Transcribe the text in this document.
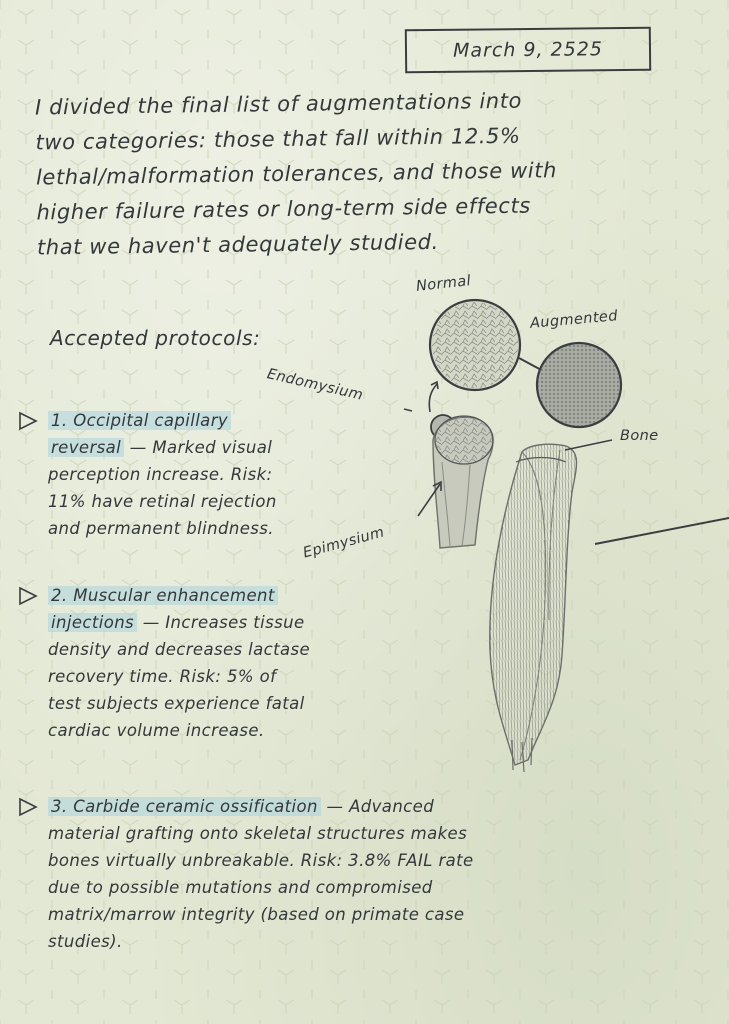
March 9, 2525
I divided the final list of augmentations into
two categories: those that fall within 12.5%
lethal/malformation tolerances, and those with
higher failure rates or long-term side effects
that we haven't adequately studied.
Accepted protocols:
1. Occipital capillary
reversal — Marked visual
perception increase. Risk:
11% have retinal rejection
and permanent blindness.
2. Muscular enhancement
injections — Increases tissue
density and decreases lactase
recovery time. Risk: 5% of
test subjects experience fatal
cardiac volume increase.
3. Carbide ceramic ossification — Advanced
material grafting onto skeletal structures makes
bones virtually unbreakable. Risk: 3.8% FAIL rate
due to possible mutations and compromised
matrix/marrow integrity (based on primate case
studies).
Normal
Augmented
Endomysium
Bone
Epimysium
